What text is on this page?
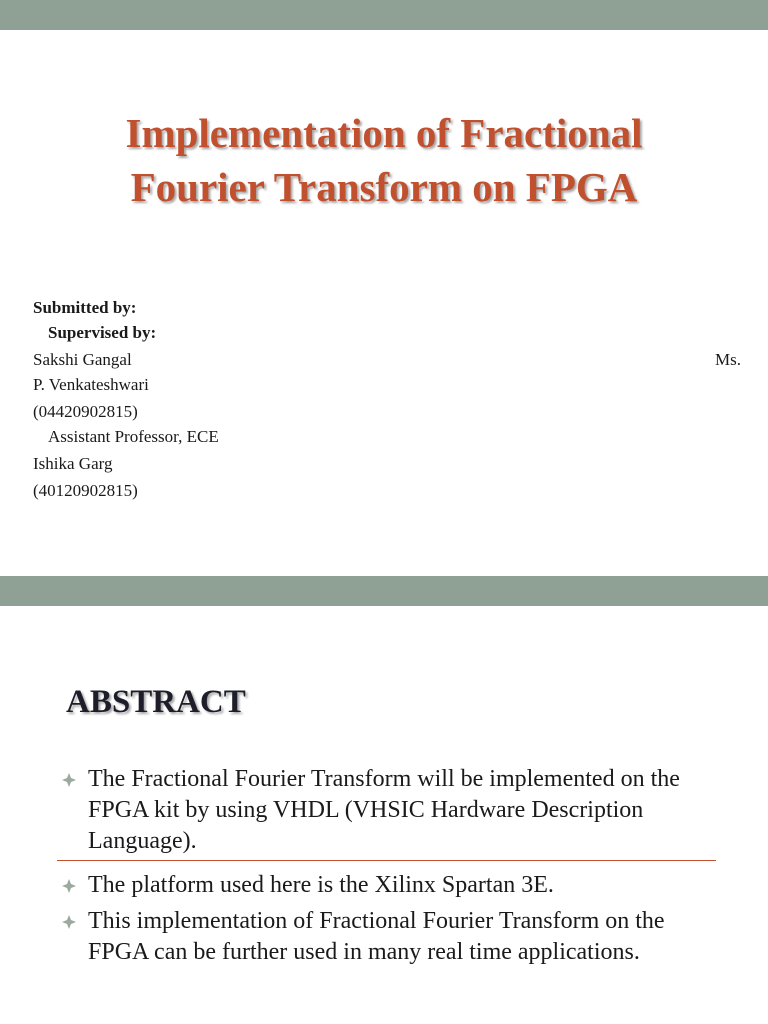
Implementation of Fractional
Fourier Transform on FPGA
Submitted by:
Supervised by:
Sakshi Gangal	Ms.
P. Venkateshwari
(04420902815)
Assistant Professor, ECE
Ishika Garg
(40120902815)
ABSTRACT
The Fractional Fourier Transform will be implemented on the FPGA kit by using VHDL (VHSIC Hardware Description Language).
The platform used here is the Xilinx Spartan 3E.
This implementation of Fractional Fourier Transform on the FPGA can be further used in many real time applications.
